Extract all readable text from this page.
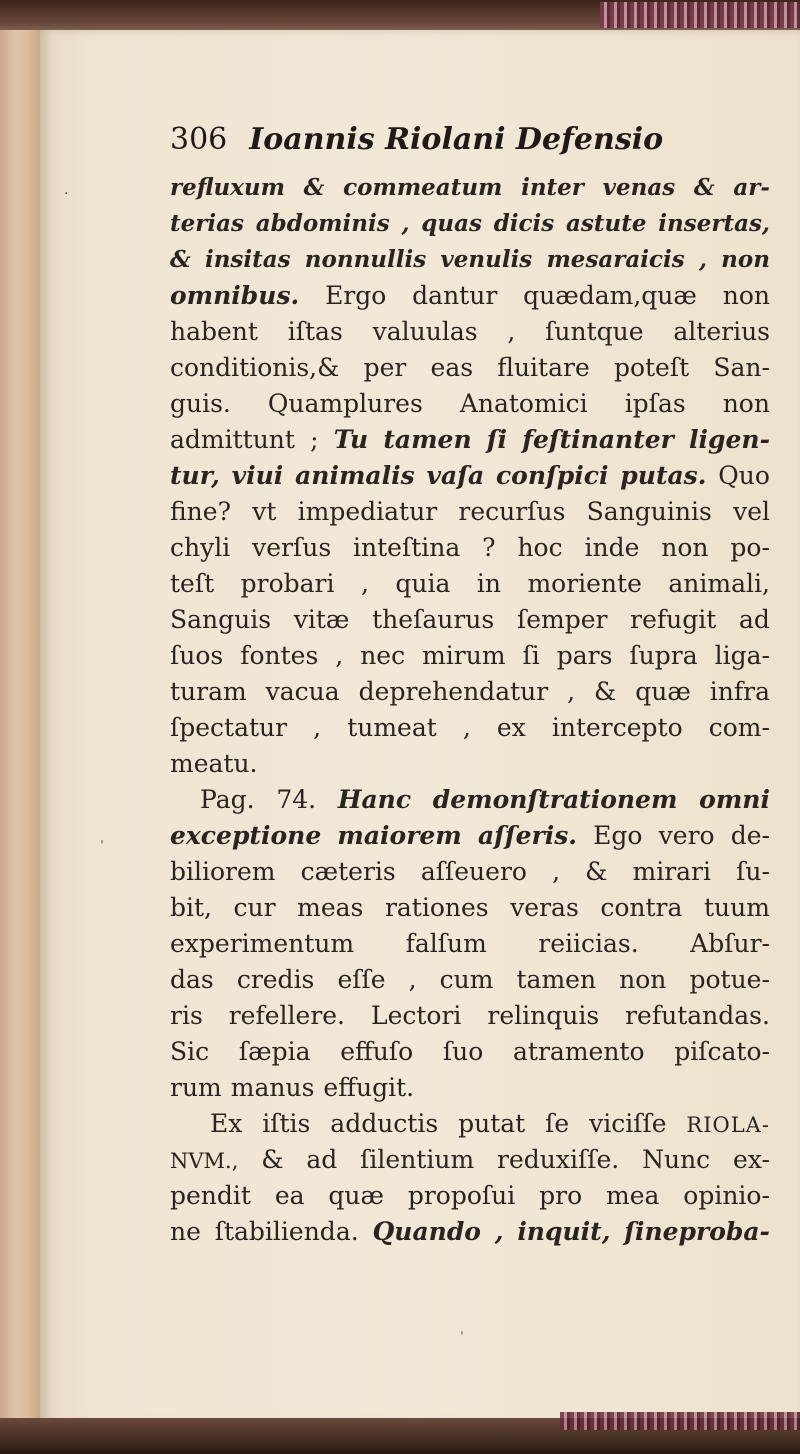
306 Ioannis Riolani Defensio
refluxum & commeatum inter venas & ar-
terias abdominis , quas dicis astute insertas,
& insitas nonnullis venulis mesaraicis , non
omnibus. Ergo dantur quædam,quæ non
habent iſtas valuulas , ſuntque alterius
conditionis,& per eas fluitare poteſt San-
guis. Quamplures Anatomici ipſas non
admittunt ; Tu tamen ſi feſtinanter ligen-
tur, viui animalis vaſa conſpici putas. Quo
fine? vt impediatur recurſus Sanguinis vel
chyli verſus inteſtina ? hoc inde non po-
teſt probari , quia in moriente animali,
Sanguis vitæ theſaurus ſemper refugit ad
ſuos fontes , nec mirum ſi pars ſupra liga-
turam vacua deprehendatur , & quæ infra
ſpectatur , tumeat , ex intercepto com-
meatu.
Pag. 74. Hanc demonſtrationem omni
exceptione maiorem aſſeris. Ego vero de-
biliorem cæteris aſſeuero , & mirari ſu-
bit, cur meas rationes veras contra tuum
experimentum falſum reiicias. Abſur-
das credis eſſe , cum tamen non potue-
ris refellere. Lectori relinquis refutandas.
Sic ſæpia effuſo ſuo atramento piſcato-
rum manus effugit.
Ex iſtis adductis putat ſe viciſſe RIOLA-
NVM., & ad ſilentium reduxiſſe. Nunc ex-
pendit ea quæ propoſui pro mea opinio-
ne ſtabilienda. Quando , inquit, ſineproba-
·
ˌ
ˈ
